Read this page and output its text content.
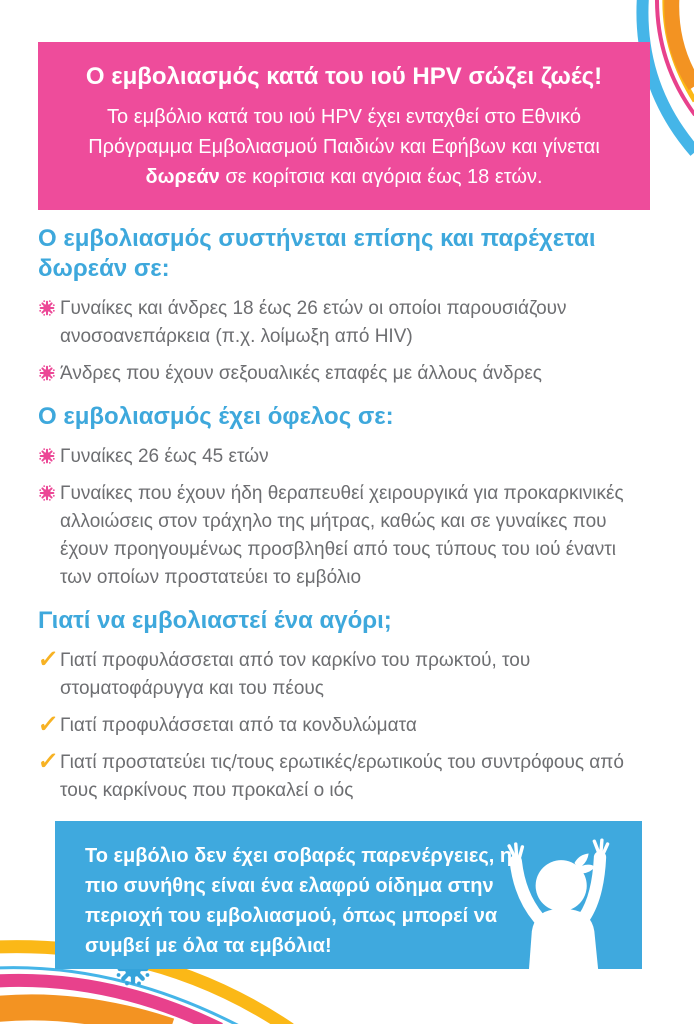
Ο εμβολιασμός κατά του ιού HPV σώζει ζωές!

Το εμβόλιο κατά του ιού HPV έχει ενταχθεί στο Εθνικό Πρόγραμμα Εμβολιασμού Παιδιών και Εφήβων και γίνεται δωρεάν σε κορίτσια και αγόρια έως 18 ετών.

Ο εμβολιασμός συστήνεται επίσης και παρέχεται δωρεάν σε:
Γυναίκες και άνδρες 18 έως 26 ετών οι οποίοι παρουσιάζουν ανοσοανεπάρκεια (π.χ. λοίμωξη από HIV)
Άνδρες που έχουν σεξουαλικές επαφές με άλλους άνδρες
Ο εμβολιασμός έχει όφελος σε:
Γυναίκες 26 έως 45 ετών
Γυναίκες που έχουν ήδη θεραπευθεί χειρουργικά για προκαρκινικές αλλοιώσεις στον τράχηλο της μήτρας, καθώς και σε γυναίκες που έχουν προηγουμένως προσβληθεί από τους τύπους του ιού έναντι των οποίων προστατεύει το εμβόλιο
Γιατί να εμβολιαστεί ένα αγόρι;
✓ Γιατί προφυλάσσεται από τον καρκίνο του πρωκτού, του στοματοφάρυγγα και του πέους
✓ Γιατί προφυλάσσεται από τα κονδυλώματα
✓ Γιατί προστατεύει τις/τους ερωτικές/ερωτικούς του συντρόφους από τους καρκίνους που προκαλεί ο ιός

Το εμβόλιο δεν έχει σοβαρές παρενέργειες, η πιο συνήθης είναι ένα ελαφρύ οίδημα στην περιοχή του εμβολιασμού, όπως μπορεί να συμβεί με όλα τα εμβόλια!
